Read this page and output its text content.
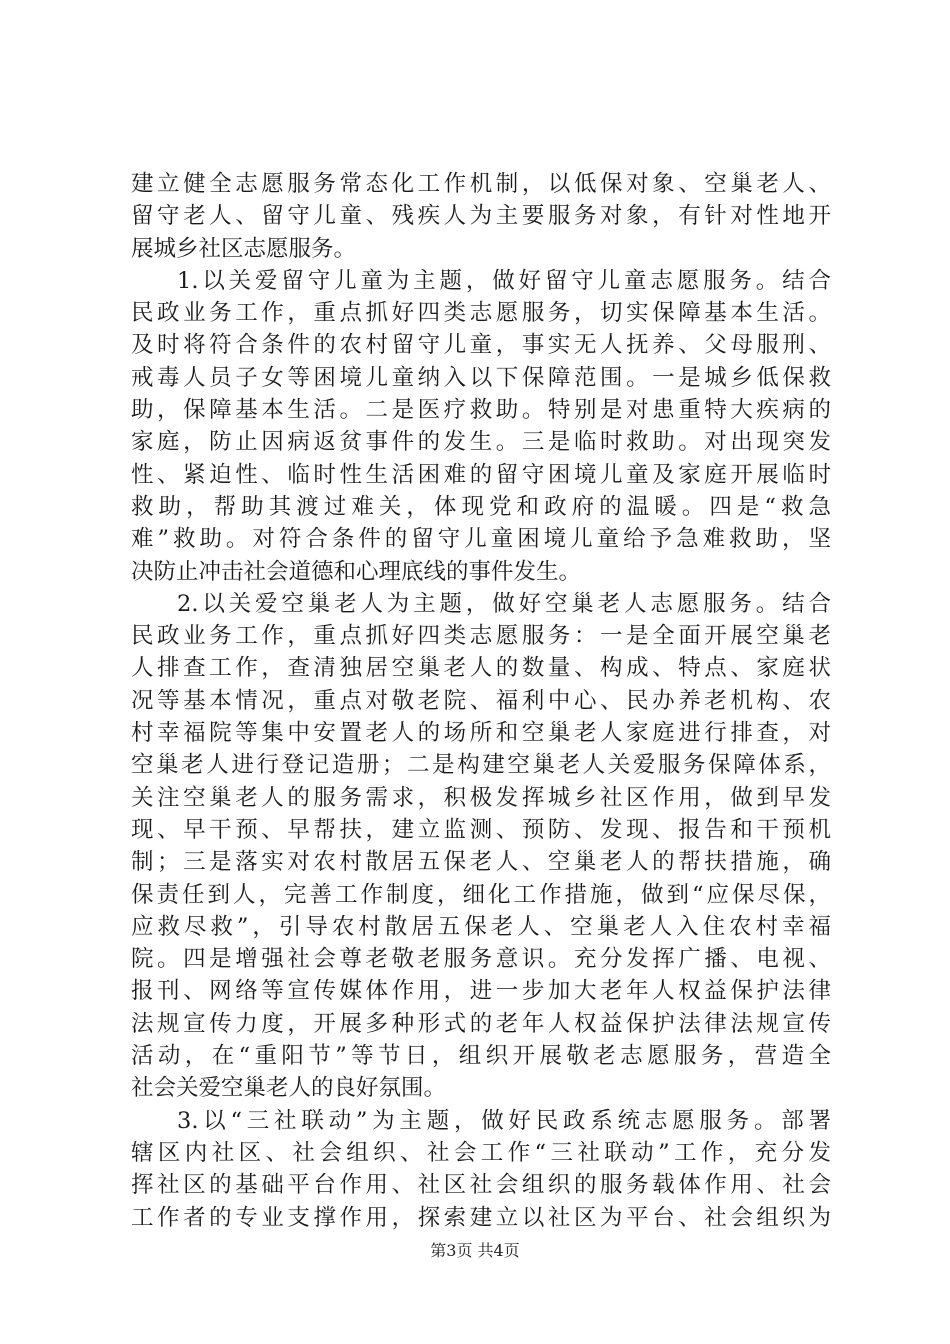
建立健全志愿服务常态化工作机制，以低保对象、空巢老人、
留守老人、留守儿童、残疾人为主要服务对象，有针对性地开
展城乡社区志愿服务。
1.以关爱留守儿童为主题，做好留守儿童志愿服务。结合
民政业务工作，重点抓好四类志愿服务，切实保障基本生活。
及时将符合条件的农村留守儿童，事实无人抚养、父母服刑、
戒毒人员子女等困境儿童纳入以下保障范围。一是城乡低保救
助，保障基本生活。二是医疗救助。特别是对患重特大疾病的
家庭，防止因病返贫事件的发生。三是临时救助。对出现突发
性、紧迫性、临时性生活困难的留守困境儿童及家庭开展临时
救助，帮助其渡过难关，体现党和政府的温暖。四是“救急
难”救助。对符合条件的留守儿童困境儿童给予急难救助，坚
决防止冲击社会道德和心理底线的事件发生。
2.以关爱空巢老人为主题，做好空巢老人志愿服务。结合
民政业务工作，重点抓好四类志愿服务：一是全面开展空巢老
人排查工作，查清独居空巢老人的数量、构成、特点、家庭状
况等基本情况，重点对敬老院、福利中心、民办养老机构、农
村幸福院等集中安置老人的场所和空巢老人家庭进行排查，对
空巢老人进行登记造册；二是构建空巢老人关爱服务保障体系，
关注空巢老人的服务需求，积极发挥城乡社区作用，做到早发
现、早干预、早帮扶，建立监测、预防、发现、报告和干预机
制；三是落实对农村散居五保老人、空巢老人的帮扶措施，确
保责任到人，完善工作制度，细化工作措施，做到“应保尽保，
应救尽救”，引导农村散居五保老人、空巢老人入住农村幸福
院。四是增强社会尊老敬老服务意识。充分发挥广播、电视、
报刊、网络等宣传媒体作用，进一步加大老年人权益保护法律
法规宣传力度，开展多种形式的老年人权益保护法律法规宣传
活动，在“重阳节”等节日，组织开展敬老志愿服务，营造全
社会关爱空巢老人的良好氛围。
3.以“三社联动”为主题，做好民政系统志愿服务。部署
辖区内社区、社会组织、社会工作“三社联动”工作，充分发
挥社区的基础平台作用、社区社会组织的服务载体作用、社会
工作者的专业支撑作用，探索建立以社区为平台、社会组织为
第3页 共4页
